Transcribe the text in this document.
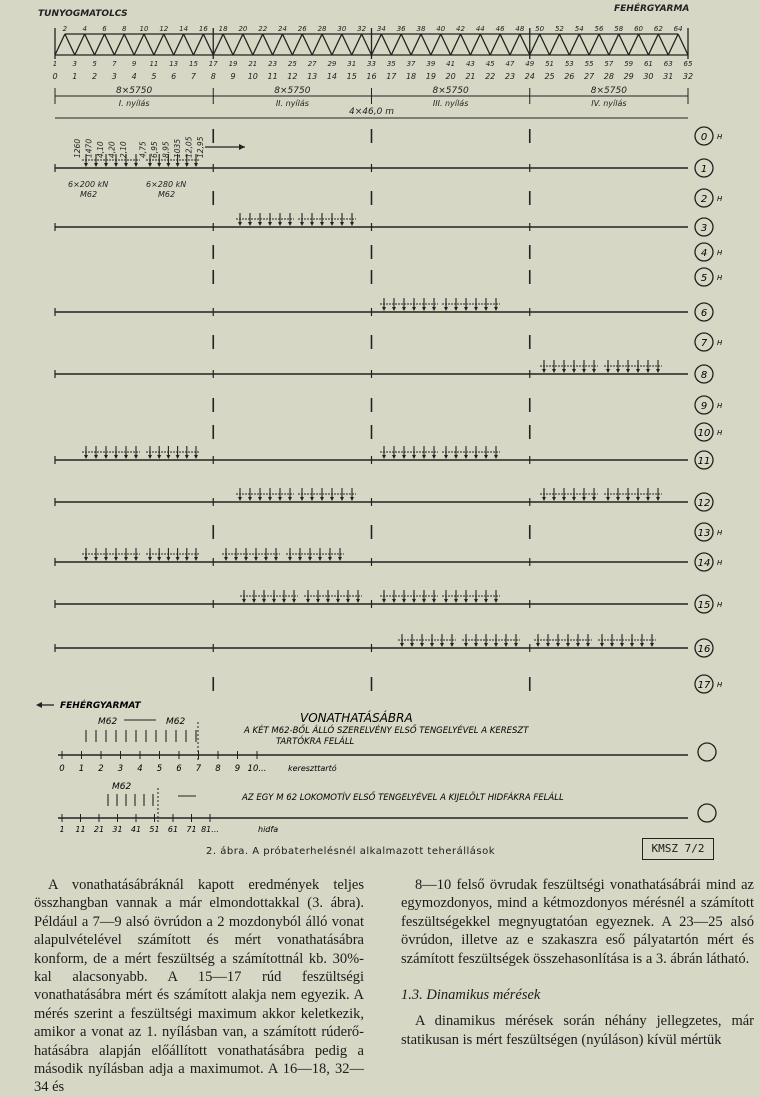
TUNYOGMATOLCS	FEHÉRGYARMA
2 4 6 8 10 12 14 16 18 20 22 24 26 28 30 32 34 36 38 40 42 44 46 48 50 52 54 56 58 60 62 64
1 3 5 7 9 11 13 15 17 19 21 23 25 27 29 31 33 35 37 39 41 43 45 47 49 51 53 55 57 59 61 63 65
0 1 2 3 4 5 6 7 8 9 10 11 12 13 14 15 16 17 18 19 20 21 22 23 24 25 26 27 28 29 30 31 32
8×5750
I. nyílás
8×5750
II. nyílás
8×5750
III. nyílás
8×5750
IV. nyílás
4×46,0 m
1260 1470 4,10 4,20 2,10 4,75 6,95 8,95 1035 12,05 12,95
6×200 kN
M62
6×280 kN
M62
0 H
1
2 H
3
4 H
5 H
6
7 H
8
9 H
10 H
11
12
13 H
14 H
15 H
16
17 H
FEHÉRGYARMAT
VONATHATÁSÁBRA
M62	M62
A KÉT M62-BŐL ÁLLÓ SZERELVÉNY ELSŐ TENGELYÉVEL A KERESZT
TARTÓKRA FELÁLL
0 1 2 3 4 5 6 7 8 9 10...	kereszttartó
M62
AZ EGY M 62 LOKOMOTÍV ELSŐ TENGELYÉVEL A KIJELÖLT HIDFÁKRA FELÁLL
1 11 21 31 41 51 61 71 81...	hidfa
2. ábra. A próbaterhelésnél alkalmazott teherállások	KMSZ 7/2

A vonathatásábráknál kapott eredmények teljes összhangban vannak a már elmondottakkal (3. ábra). Például a 7—9 alsó övrúdon a 2 mozdonyból álló vonat alapulvételével számított és mért vonathatásábra konform, de a mért feszültség a számítottnál kb. 30%-kal alacsonyabb. A 15—17 rúd feszültségi vonathatásábra mért és számított alakja nem egyezik. A mérés szerint a feszültségi maximum akkor keletkezik, amikor a vonat az 1. nyílásban van, a számított rúderő-hatásábra alapján előállított vonathatásábra pedig a második nyílásban adja a maximumot. A 16—18, 32—34 és

8—10 felső övrudak feszültségi vonathatásábrái mind az egymozdonyos, mind a kétmozdonyos mérésnél a számított feszültségekkel megnyugtatóan egyeznek. A 23—25 alsó övrúdon, illetve az e szakaszra eső pályatartón mért és számított feszültségek összehasonlítása is a 3. ábrán látható.

1.3. Dinamikus mérések

A dinamikus mérések során néhány jellegzetes, már statikusan is mért feszültségen (nyúláson) kívül mértük
